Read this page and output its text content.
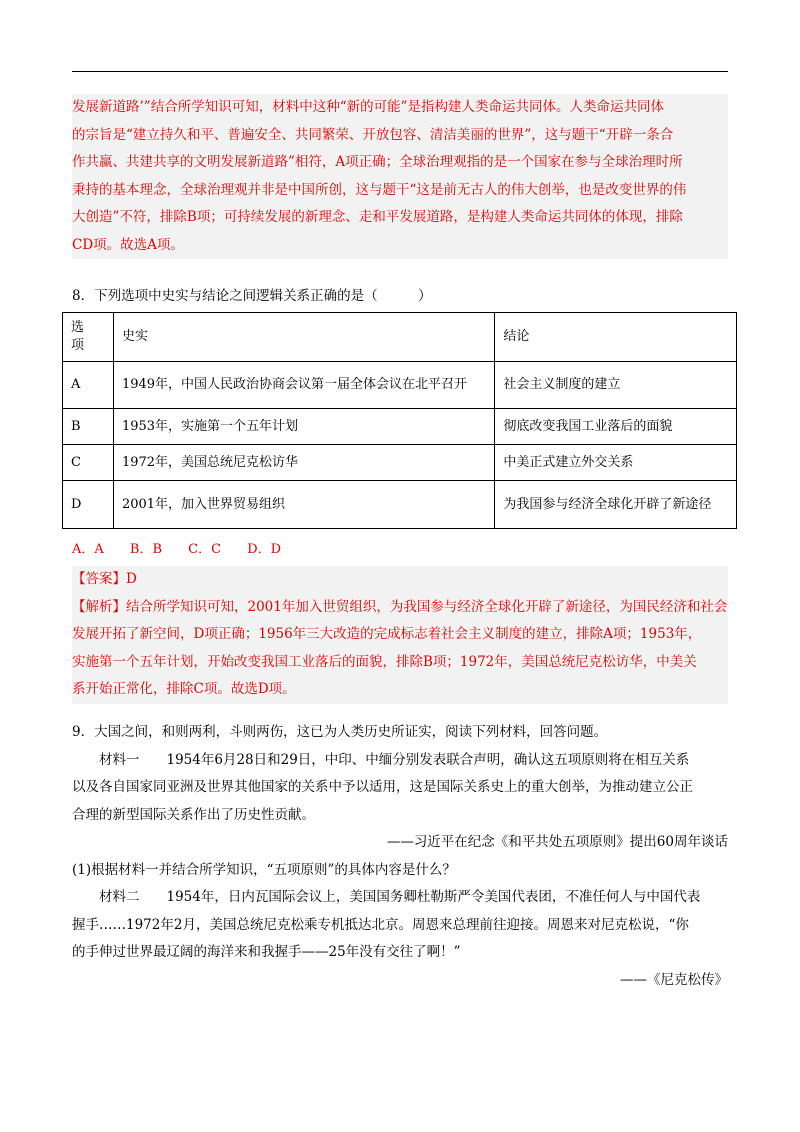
发展新道路’”结合所学知识可知，材料中这种“新的可能”是指构建人类命运共同体。人类命运共同体

的宗旨是“建立持久和平、普遍安全、共同繁荣、开放包容、清洁美丽的世界”，这与题干“开辟一条合

作共赢、共建共享的文明发展新道路”相符，A项正确；全球治理观指的是一个国家在参与全球治理时所

秉持的基本理念，全球治理观并非是中国所创，这与题干“这是前无古人的伟大创举，也是改变世界的伟

大创造”不符，排除B项；可持续发展的新理念、走和平发展道路，是构建人类命运共同体的体现，排除

CD项。故选A项。

8．下列选项中史实与结论之间逻辑关系正确的是（　　　）

选
项	史实	结论
A	1949年，中国人民政治协商会议第一届全体会议在北平召开	社会主义制度的建立
B	1953年，实施第一个五年计划	彻底改变我国工业落后的面貌
C	1972年，美国总统尼克松访华	中美正式建立外交关系
D	2001年，加入世界贸易组织	为我国参与经济全球化开辟了新途径
A．A B．B C．C D．D

【答案】D

【解析】结合所学知识可知，2001年加入世贸组织，为我国参与经济全球化开辟了新途径，为国民经济和社会

发展开拓了新空间，D项正确；1956年三大改造的完成标志着社会主义制度的建立，排除A项；1953年，

实施第一个五年计划，开始改变我国工业落后的面貌，排除B项；1972年，美国总统尼克松访华，中美关

系开始正常化，排除C项。故选D项。

9．大国之间，和则两利，斗则两伤，这已为人类历史所证实，阅读下列材料，回答问题。

材料一　　1954年6月28日和29日，中印、中缅分别发表联合声明，确认这五项原则将在相互关系

以及各自国家同亚洲及世界其他国家的关系中予以适用，这是国际关系史上的重大创举，为推动建立公正

合理的新型国际关系作出了历史性贡献。

——习近平在纪念《和平共处五项原则》提出60周年谈话

(1)根据材料一并结合所学知识，“五项原则”的具体内容是什么？

材料二　　1954年，日内瓦国际会议上，美国国务卿杜勒斯严令美国代表团，不准任何人与中国代表

握手……1972年2月，美国总统尼克松乘专机抵达北京。周恩来总理前往迎接。周恩来对尼克松说，“你

的手伸过世界最辽阔的海洋来和我握手——25年没有交往了啊！”

——《尼克松传》
